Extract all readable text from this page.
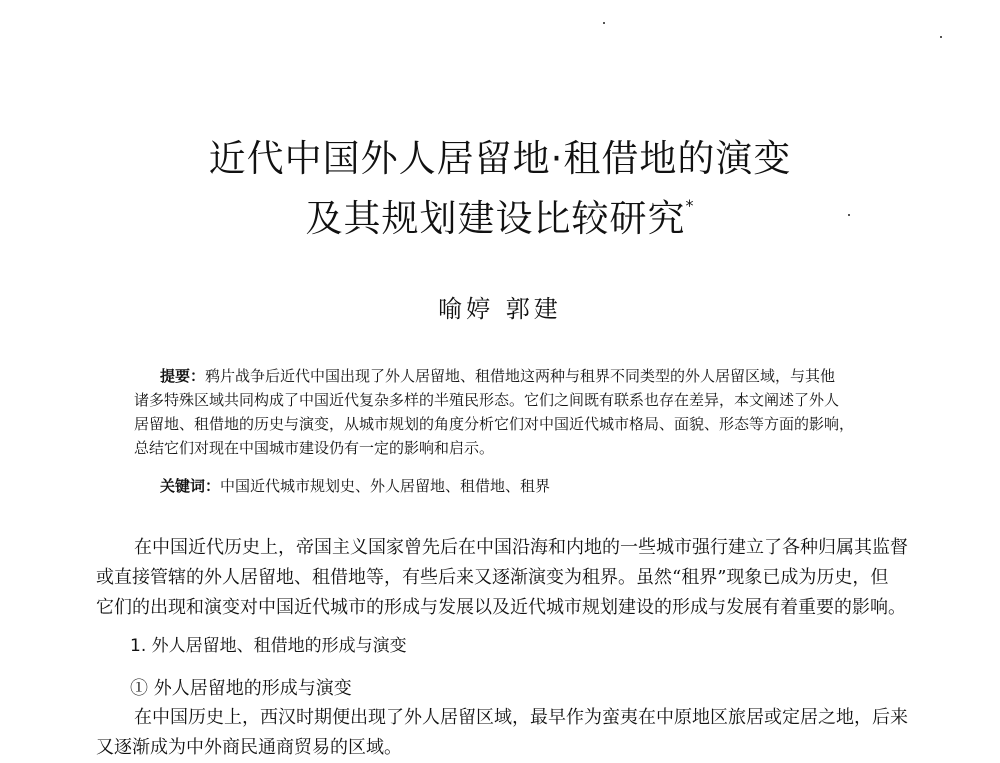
近代中国外人居留地·租借地的演变
及其规划建设比较研究*
喻婷 郭建
提要：鸦片战争后近代中国出现了外人居留地、租借地这两种与租界不同类型的外人居留区域，与其他
诸多特殊区域共同构成了中国近代复杂多样的半殖民形态。它们之间既有联系也存在差异，本文阐述了外人
居留地、租借地的历史与演变，从城市规划的角度分析它们对中国近代城市格局、面貌、形态等方面的影响，
总结它们对现在中国城市建设仍有一定的影响和启示。
关键词：中国近代城市规划史、外人居留地、租借地、租界
在中国近代历史上，帝国主义国家曾先后在中国沿海和内地的一些城市强行建立了各种归属其监督
或直接管辖的外人居留地、租借地等，有些后来又逐渐演变为租界。虽然“租界”现象已成为历史，但
它们的出现和演变对中国近代城市的形成与发展以及近代城市规划建设的形成与发展有着重要的影响。
1. 外人居留地、租借地的形成与演变
① 外人居留地的形成与演变
在中国历史上，西汉时期便出现了外人居留区域，最早作为蛮夷在中原地区旅居或定居之地，后来
又逐渐成为中外商民通商贸易的区域。
